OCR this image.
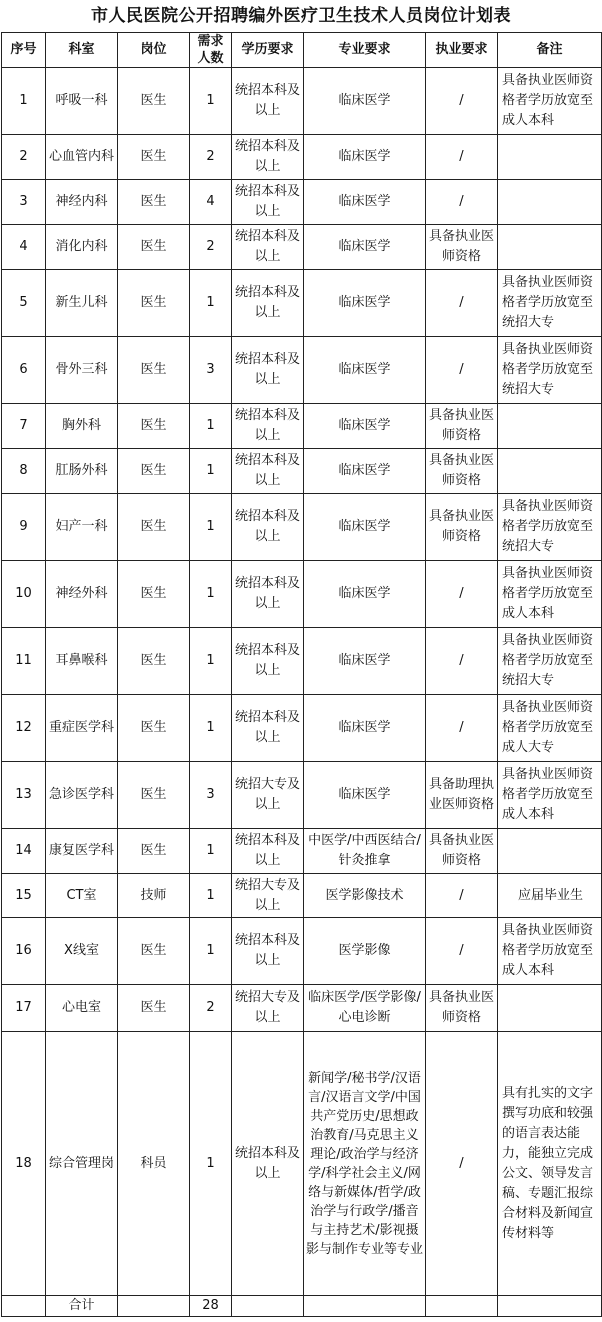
市人民医院公开招聘编外医疗卫生技术人员岗位计划表
序号	科室	岗位	需求人数	学历要求	专业要求	执业要求	备注
1	呼吸一科	医生	1	统招本科及以上	临床医学	/	具备执业医师资格者学历放宽至成人本科
2	心血管内科	医生	2	统招本科及以上	临床医学	/	
3	神经内科	医生	4	统招本科及以上	临床医学	/	
4	消化内科	医生	2	统招本科及以上	临床医学	具备执业医师资格	
5	新生儿科	医生	1	统招本科及以上	临床医学	/	具备执业医师资格者学历放宽至统招大专
6	骨外三科	医生	3	统招本科及以上	临床医学	/	具备执业医师资格者学历放宽至统招大专
7	胸外科	医生	1	统招本科及以上	临床医学	具备执业医师资格	
8	肛肠外科	医生	1	统招本科及以上	临床医学	具备执业医师资格	
9	妇产一科	医生	1	统招本科及以上	临床医学	具备执业医师资格	具备执业医师资格者学历放宽至统招大专
10	神经外科	医生	1	统招本科及以上	临床医学	/	具备执业医师资格者学历放宽至成人本科
11	耳鼻喉科	医生	1	统招本科及以上	临床医学	/	具备执业医师资格者学历放宽至统招大专
12	重症医学科	医生	1	统招本科及以上	临床医学	/	具备执业医师资格者学历放宽至成人大专
13	急诊医学科	医生	3	统招大专及以上	临床医学	具备助理执业医师资格	具备执业医师资格者学历放宽至成人本科
14	康复医学科	医生	1	统招本科及以上	中医学/中西医结合/针灸推拿	具备执业医师资格	
15	CT室	技师	1	统招大专及以上	医学影像技术	/	应届毕业生
16	X线室	医生	1	统招本科及以上	医学影像	/	具备执业医师资格者学历放宽至成人本科
17	心电室	医生	2	统招大专及以上	临床医学/医学影像/心电诊断	具备执业医师资格	
18	综合管理岗	科员	1	统招本科及以上	新闻学/秘书学/汉语言/汉语言文学/中国共产党历史/思想政治教育/马克思主义理论/政治学与经济学/科学社会主义/网络与新媒体/哲学/政治学与行政学/播音与主持艺术/影视摄影与制作专业等专业	/	具有扎实的文字撰写功底和较强的语言表达能力，能独立完成公文、领导发言稿、专题汇报综合材料及新闻宣传材料等
	合计		28				
